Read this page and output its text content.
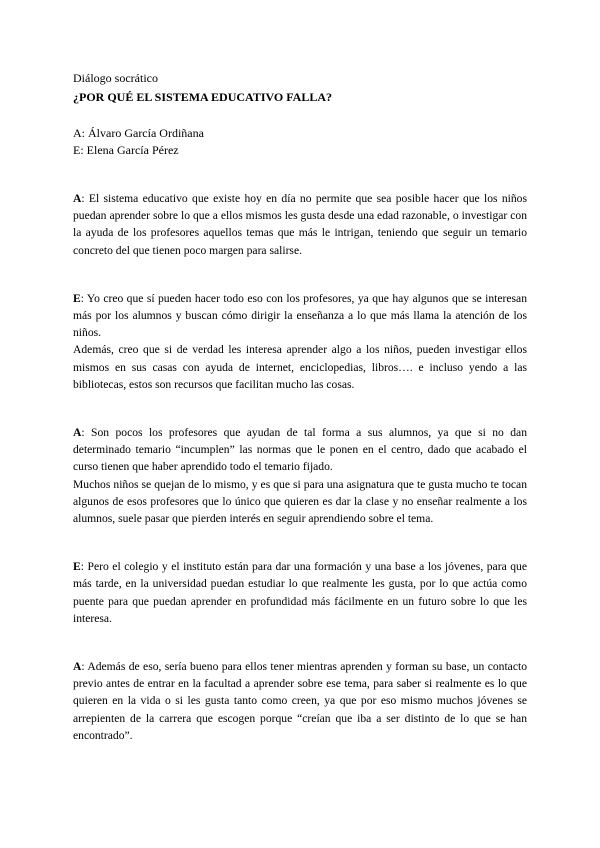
Diálogo socrático

¿POR QUÉ EL SISTEMA EDUCATIVO FALLA?

A: Álvaro García Ordiñana

E: Elena García Pérez

A: El sistema educativo que existe hoy en día no permite que sea posible hacer que los niños puedan aprender sobre lo que a ellos mismos les gusta desde una edad razonable, o investigar con la ayuda de los profesores aquellos temas que más le intrigan, teniendo que seguir un temario concreto del que tienen poco margen para salirse.

E: Yo creo que sí pueden hacer todo eso con los profesores, ya que hay algunos que se interesan más por los alumnos y buscan cómo dirigir la enseñanza a lo que más llama la atención de los niños.

Además, creo que si de verdad les interesa aprender algo a los niños, pueden investigar ellos mismos en sus casas con ayuda de internet, enciclopedias, libros…. e incluso yendo a las bibliotecas, estos son recursos que facilitan mucho las cosas.

A: Son pocos los profesores que ayudan de tal forma a sus alumnos, ya que si no dan determinado temario “incumplen” las normas que le ponen en el centro, dado que acabado el curso tienen que haber aprendido todo el temario fijado.

Muchos niños se quejan de lo mismo, y es que si para una asignatura que te gusta mucho te tocan algunos de esos profesores que lo único que quieren es dar la clase y no enseñar realmente a los alumnos, suele pasar que pierden interés en seguir aprendiendo sobre el tema.

E: Pero el colegio y el instituto están para dar una formación y una base a los jóvenes, para que más tarde, en la universidad puedan estudiar lo que realmente les gusta, por lo que actúa como puente para que puedan aprender en profundidad más fácilmente en un futuro sobre lo que les interesa.

A: Además de eso, sería bueno para ellos tener mientras aprenden y forman su base, un contacto previo antes de entrar en la facultad a aprender sobre ese tema, para saber si realmente es lo que quieren en la vida o si les gusta tanto como creen, ya que por eso mismo muchos jóvenes se arrepienten de la carrera que escogen porque “creían que iba a ser distinto de lo que se han encontrado”.
